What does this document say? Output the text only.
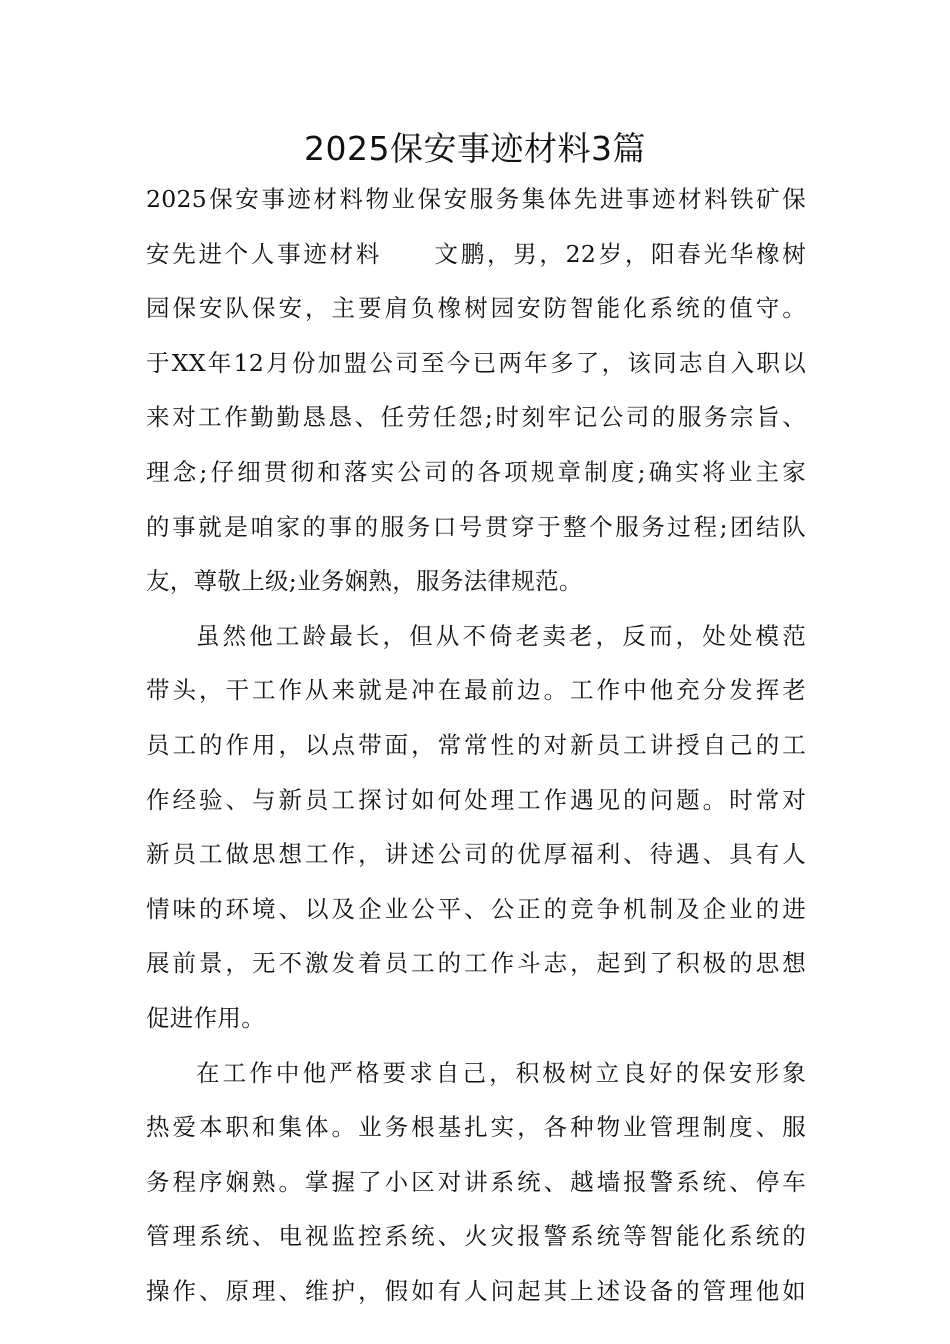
2025保安事迹材料3篇
2025保安事迹材料物业保安服务集体先进事迹材料铁矿保
安先进个人事迹材料　　文鹏，男，22岁，阳春光华橡树
园保安队保安，主要肩负橡树园安防智能化系统的值守。
于XX年12月份加盟公司至今已两年多了，该同志自入职以
来对工作勤勤恳恳、任劳任怨;时刻牢记公司的服务宗旨、
理念;仔细贯彻和落实公司的各项规章制度;确实将业主家
的事就是咱家的事的服务口号贯穿于整个服务过程;团结队
友，尊敬上级;业务娴熟，服务法律规范。
虽然他工龄最长，但从不倚老卖老，反而，处处模范
带头，干工作从来就是冲在最前边。工作中他充分发挥老
员工的作用，以点带面，常常性的对新员工讲授自己的工
作经验、与新员工探讨如何处理工作遇见的问题。时常对
新员工做思想工作，讲述公司的优厚福利、待遇、具有人
情味的环境、以及企业公平、公正的竞争机制及企业的进
展前景，无不激发着员工的工作斗志，起到了积极的思想
促进作用。
在工作中他严格要求自己，积极树立良好的保安形象
热爱本职和集体。业务根基扎实，各种物业管理制度、服
务程序娴熟。掌握了小区对讲系统、越墙报警系统、停车
管理系统、电视监控系统、火灾报警系统等智能化系统的
操作、原理、维护，假如有人问起其上述设备的管理他如
